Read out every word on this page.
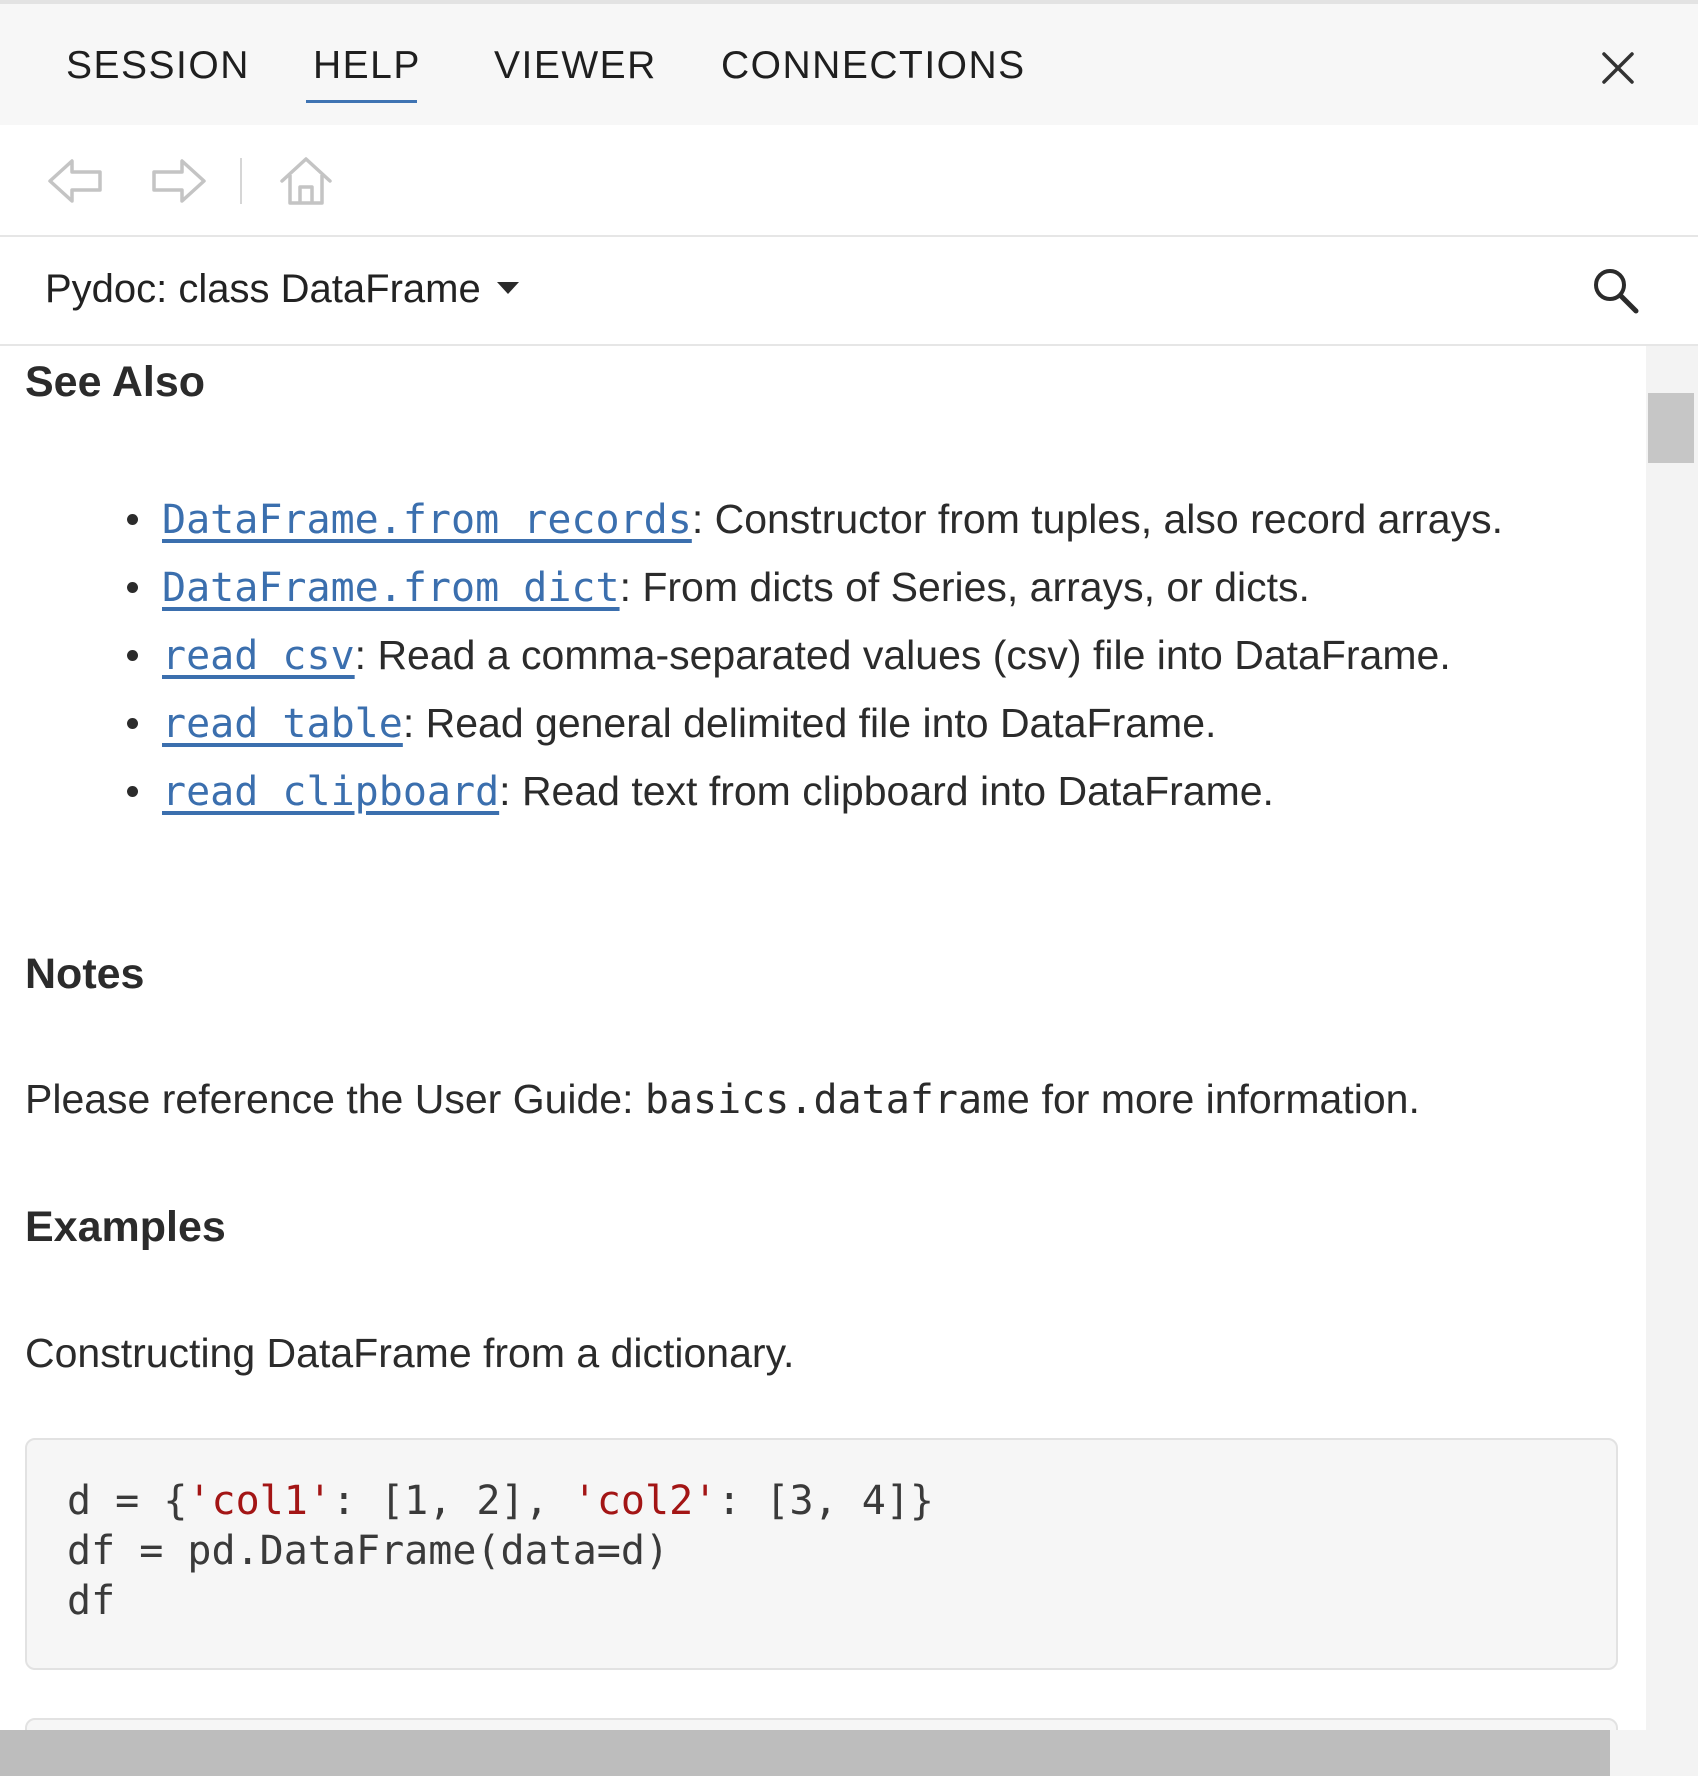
SESSION HELP VIEWER CONNECTIONS
Pydoc: class DataFrame
See Also
DataFrame.from_records: Constructor from tuples, also record arrays.
DataFrame.from_dict: From dicts of Series, arrays, or dicts.
read_csv: Read a comma-separated values (csv) file into DataFrame.
read_table: Read general delimited file into DataFrame.
read_clipboard: Read text from clipboard into DataFrame.
Notes

Please reference the User Guide: basics.dataframe for more information.

Examples

Constructing DataFrame from a dictionary.

d = {'col1': [1, 2], 'col2': [3, 4]}
df = pd.DataFrame(data=d)
df
